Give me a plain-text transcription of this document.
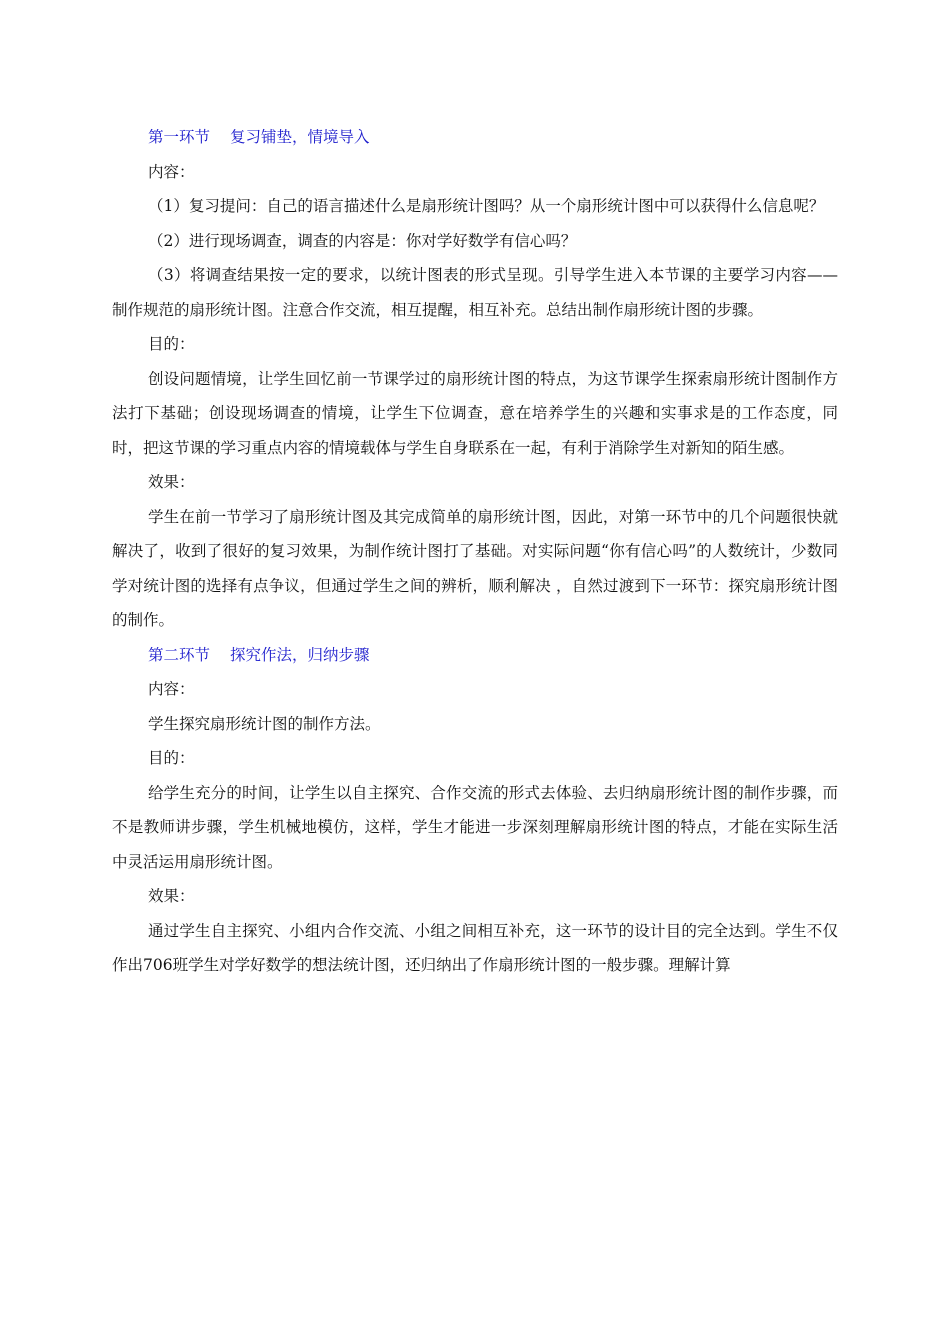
第一环节 复习铺垫，情境导入

内容：

（1）复习提问：自己的语言描述什么是扇形统计图吗？从一个扇形统计图中可以获得什么信息呢？

（2）进行现场调查，调查的内容是：你对学好数学有信心吗？

（3）将调查结果按一定的要求，以统计图表的形式呈现。引导学生进入本节课的主要学习内容——制作规范的扇形统计图。注意合作交流，相互提醒，相互补充。总结出制作扇形统计图的步骤。

目的：

创设问题情境，让学生回忆前一节课学过的扇形统计图的特点，为这节课学生探索扇形统计图制作方法打下基础；创设现场调查的情境，让学生下位调查，意在培养学生的兴趣和实事求是的工作态度，同时，把这节课的学习重点内容的情境载体与学生自身联系在一起，有利于消除学生对新知的陌生感。

效果：

学生在前一节学习了扇形统计图及其完成简单的扇形统计图，因此，对第一环节中的几个问题很快就解决了，收到了很好的复习效果，为制作统计图打了基础。对实际问题“你有信心吗”的人数统计，少数同学对统计图的选择有点争议，但通过学生之间的辨析，顺利解决 ，自然过渡到下一环节：探究扇形统计图的制作。

第二环节 探究作法，归纳步骤

内容：

学生探究扇形统计图的制作方法。

目的：

给学生充分的时间，让学生以自主探究、合作交流的形式去体验、去归纳扇形统计图的制作步骤，而不是教师讲步骤，学生机械地模仿，这样，学生才能进一步深刻理解扇形统计图的特点，才能在实际生活中灵活运用扇形统计图。

效果：

通过学生自主探究、小组内合作交流、小组之间相互补充，这一环节的设计目的完全达到。学生不仅作出706班学生对学好数学的想法统计图，还归纳出了作扇形统计图的一般步骤。理解计算
